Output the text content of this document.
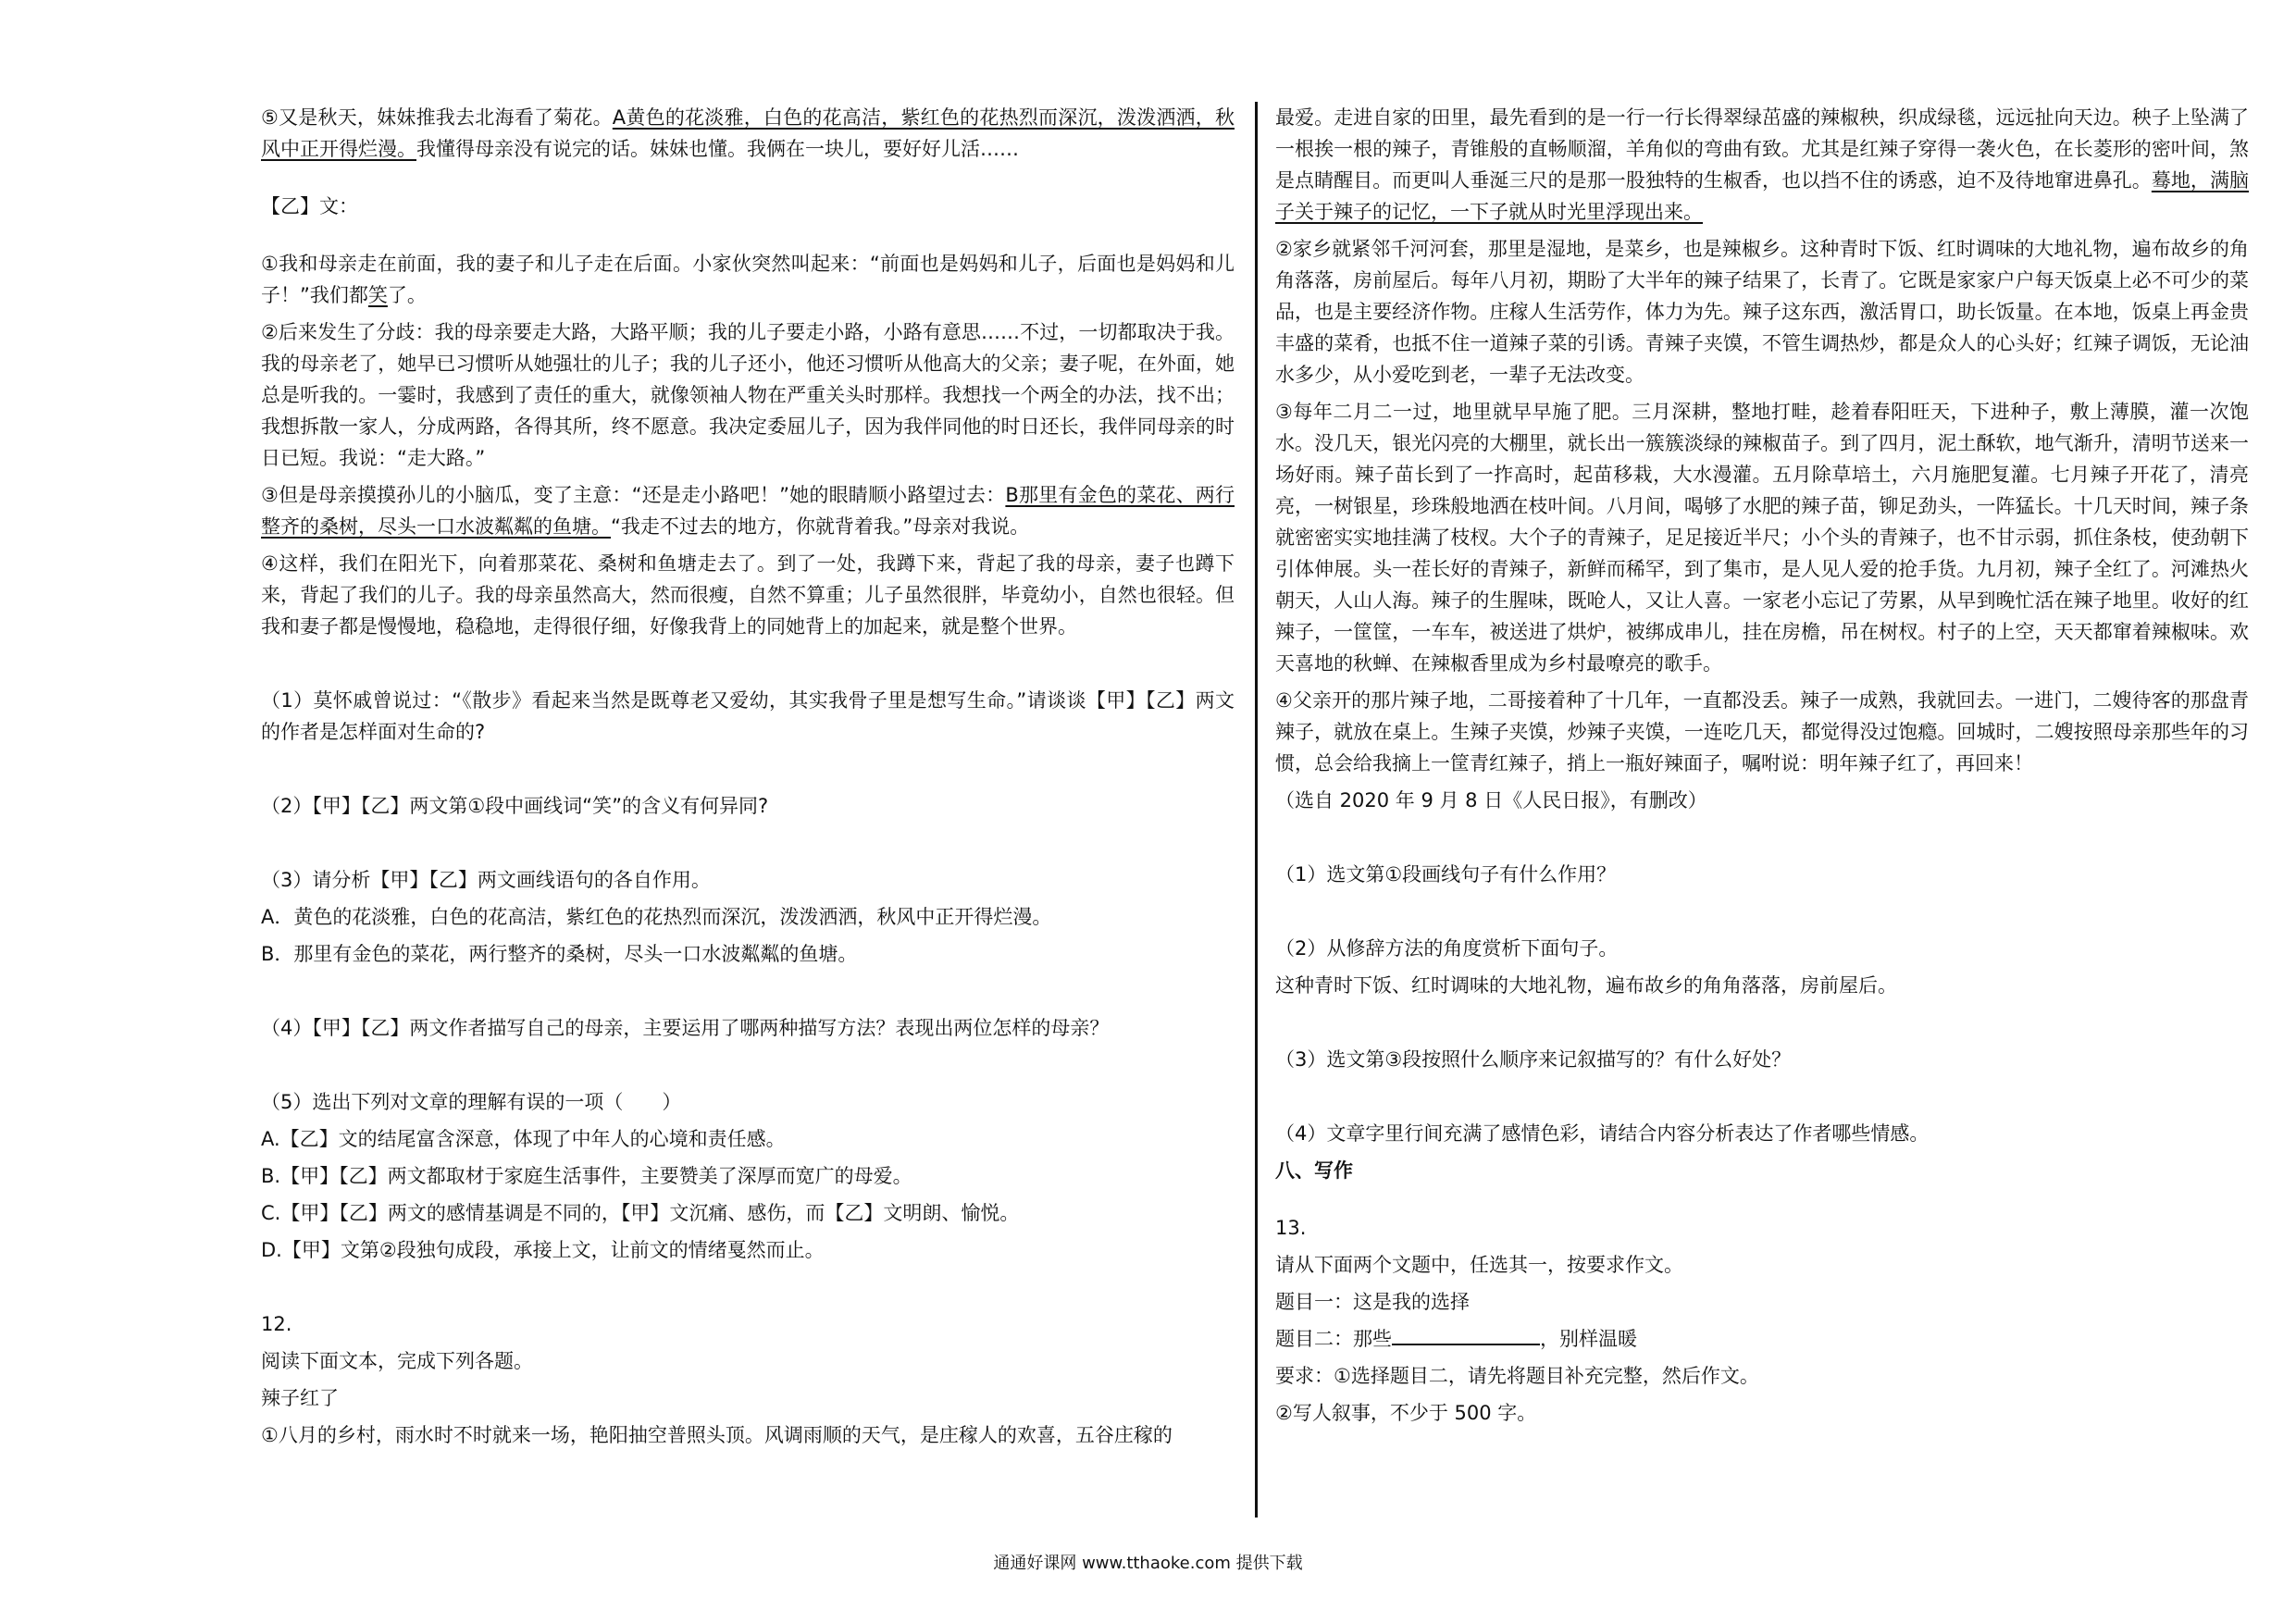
⑤又是秋天，妹妹推我去北海看了菊花。A黄色的花淡雅，白色的花高洁，紫红色的花热烈而深沉，泼泼洒洒，秋风中正开得烂漫。我懂得母亲没有说完的话。妹妹也懂。我俩在一块儿，要好好儿活……

【乙】文：

①我和母亲走在前面，我的妻子和儿子走在后面。小家伙突然叫起来：“前面也是妈妈和儿子，后面也是妈妈和儿子！”我们都笑了。

②后来发生了分歧：我的母亲要走大路，大路平顺；我的儿子要走小路，小路有意思……不过，一切都取决于我。我的母亲老了，她早已习惯听从她强壮的儿子；我的儿子还小，他还习惯听从他高大的父亲；妻子呢，在外面，她总是听我的。一霎时，我感到了责任的重大，就像领袖人物在严重关头时那样。我想找一个两全的办法，找不出；我想拆散一家人，分成两路，各得其所，终不愿意。我决定委屈儿子，因为我伴同他的时日还长，我伴同母亲的时日已短。我说：“走大路。”

③但是母亲摸摸孙儿的小脑瓜，变了主意：“还是走小路吧！”她的眼睛顺小路望过去：B那里有金色的菜花、两行整齐的桑树，尽头一口水波粼粼的鱼塘。“我走不过去的地方，你就背着我。”母亲对我说。

④这样，我们在阳光下，向着那菜花、桑树和鱼塘走去了。到了一处，我蹲下来，背起了我的母亲，妻子也蹲下来，背起了我们的儿子。我的母亲虽然高大，然而很瘦，自然不算重；儿子虽然很胖，毕竟幼小，自然也很轻。但我和妻子都是慢慢地，稳稳地，走得很仔细，好像我背上的同她背上的加起来，就是整个世界。

（1）莫怀戚曾说过：“《散步》看起来当然是既尊老又爱幼，其实我骨子里是想写生命。”请谈谈【甲】【乙】两文的作者是怎样面对生命的?

（2）【甲】【乙】两文第①段中画线词“笑”的含义有何异同?

（3）请分析【甲】【乙】两文画线语句的各自作用。

A．黄色的花淡雅，白色的花高洁，紫红色的花热烈而深沉，泼泼洒洒，秋风中正开得烂漫。

B．那里有金色的菜花，两行整齐的桑树，尽头一口水波粼粼的鱼塘。

（4）【甲】【乙】两文作者描写自己的母亲，主要运用了哪两种描写方法？表现出两位怎样的母亲？

（5）选出下列对文章的理解有误的一项（　　）

A.【乙】文的结尾富含深意，体现了中年人的心境和责任感。

B.【甲】【乙】两文都取材于家庭生活事件，主要赞美了深厚而宽广的母爱。

C.【甲】【乙】两文的感情基调是不同的，【甲】文沉痛、感伤，而【乙】文明朗、愉悦。

D.【甲】文第②段独句成段，承接上文，让前文的情绪戛然而止。

12.

阅读下面文本，完成下列各题。

辣子红了

①八月的乡村，雨水时不时就来一场，艳阳抽空普照头顶。风调雨顺的天气，是庄稼人的欢喜，五谷庄稼的

最爱。走进自家的田里，最先看到的是一行一行长得翠绿茁盛的辣椒秧，织成绿毯，远远扯向天边。秧子上坠满了一根挨一根的辣子，青锥般的直畅顺溜，羊角似的弯曲有致。尤其是红辣子穿得一袭火色，在长菱形的密叶间，煞是点睛醒目。而更叫人垂涎三尺的是那一股独特的生椒香，也以挡不住的诱惑，迫不及待地窜进鼻孔。蓦地，满脑子关于辣子的记忆，一下子就从时光里浮现出来。

②家乡就紧邻千河河套，那里是湿地，是菜乡，也是辣椒乡。这种青时下饭、红时调味的大地礼物，遍布故乡的角角落落，房前屋后。每年八月初，期盼了大半年的辣子结果了，长青了。它既是家家户户每天饭桌上必不可少的菜品，也是主要经济作物。庄稼人生活劳作，体力为先。辣子这东西，激活胃口，助长饭量。在本地，饭桌上再金贵丰盛的菜肴，也抵不住一道辣子菜的引诱。青辣子夹馍，不管生调热炒，都是众人的心头好；红辣子调饭，无论油水多少，从小爱吃到老，一辈子无法改变。

③每年二月二一过，地里就早早施了肥。三月深耕，整地打畦，趁着春阳旺天，下进种子，敷上薄膜，灌一次饱水。没几天，银光闪亮的大棚里，就长出一簇簇淡绿的辣椒苗子。到了四月，泥土酥软，地气渐升，清明节送来一场好雨。辣子苗长到了一拃高时，起苗移栽，大水漫灌。五月除草培土，六月施肥复灌。七月辣子开花了，清亮亮，一树银星，珍珠般地洒在枝叶间。八月间，喝够了水肥的辣子苗，铆足劲头，一阵猛长。十几天时间，辣子条就密密实实地挂满了枝杈。大个子的青辣子，足足接近半尺；小个头的青辣子，也不甘示弱，抓住条枝，使劲朝下引体伸展。头一茬长好的青辣子，新鲜而稀罕，到了集市，是人见人爱的抢手货。九月初，辣子全红了。河滩热火朝天，人山人海。辣子的生腥味，既呛人，又让人喜。一家老小忘记了劳累，从早到晚忙活在辣子地里。收好的红辣子，一筐筐，一车车，被送进了烘炉，被绑成串儿，挂在房檐，吊在树杈。村子的上空，天天都窜着辣椒味。欢天喜地的秋蝉、在辣椒香里成为乡村最嘹亮的歌手。

④父亲开的那片辣子地，二哥接着种了十几年，一直都没丢。辣子一成熟，我就回去。一进门，二嫂待客的那盘青辣子，就放在桌上。生辣子夹馍，炒辣子夹馍，一连吃几天，都觉得没过饱瘾。回城时，二嫂按照母亲那些年的习惯，总会给我摘上一筐青红辣子，捎上一瓶好辣面子，嘱咐说：明年辣子红了，再回来！

（选自 2020 年 9 月 8 日《人民日报》，有删改）

（1）选文第①段画线句子有什么作用？

（2）从修辞方法的角度赏析下面句子。

这种青时下饭、红时调味的大地礼物，遍布故乡的角角落落，房前屋后。

（3）选文第③段按照什么顺序来记叙描写的？有什么好处？

（4）文章字里行间充满了感情色彩，请结合内容分析表达了作者哪些情感。

八、写作

13.

请从下面两个文题中，任选其一，按要求作文。

题目一：这是我的选择

题目二：那些	，别样温暖

要求：①选择题目二，请先将题目补充完整，然后作文。

②写人叙事，不少于 500 字。

通通好课网 www.tthaoke.com 提供下载
